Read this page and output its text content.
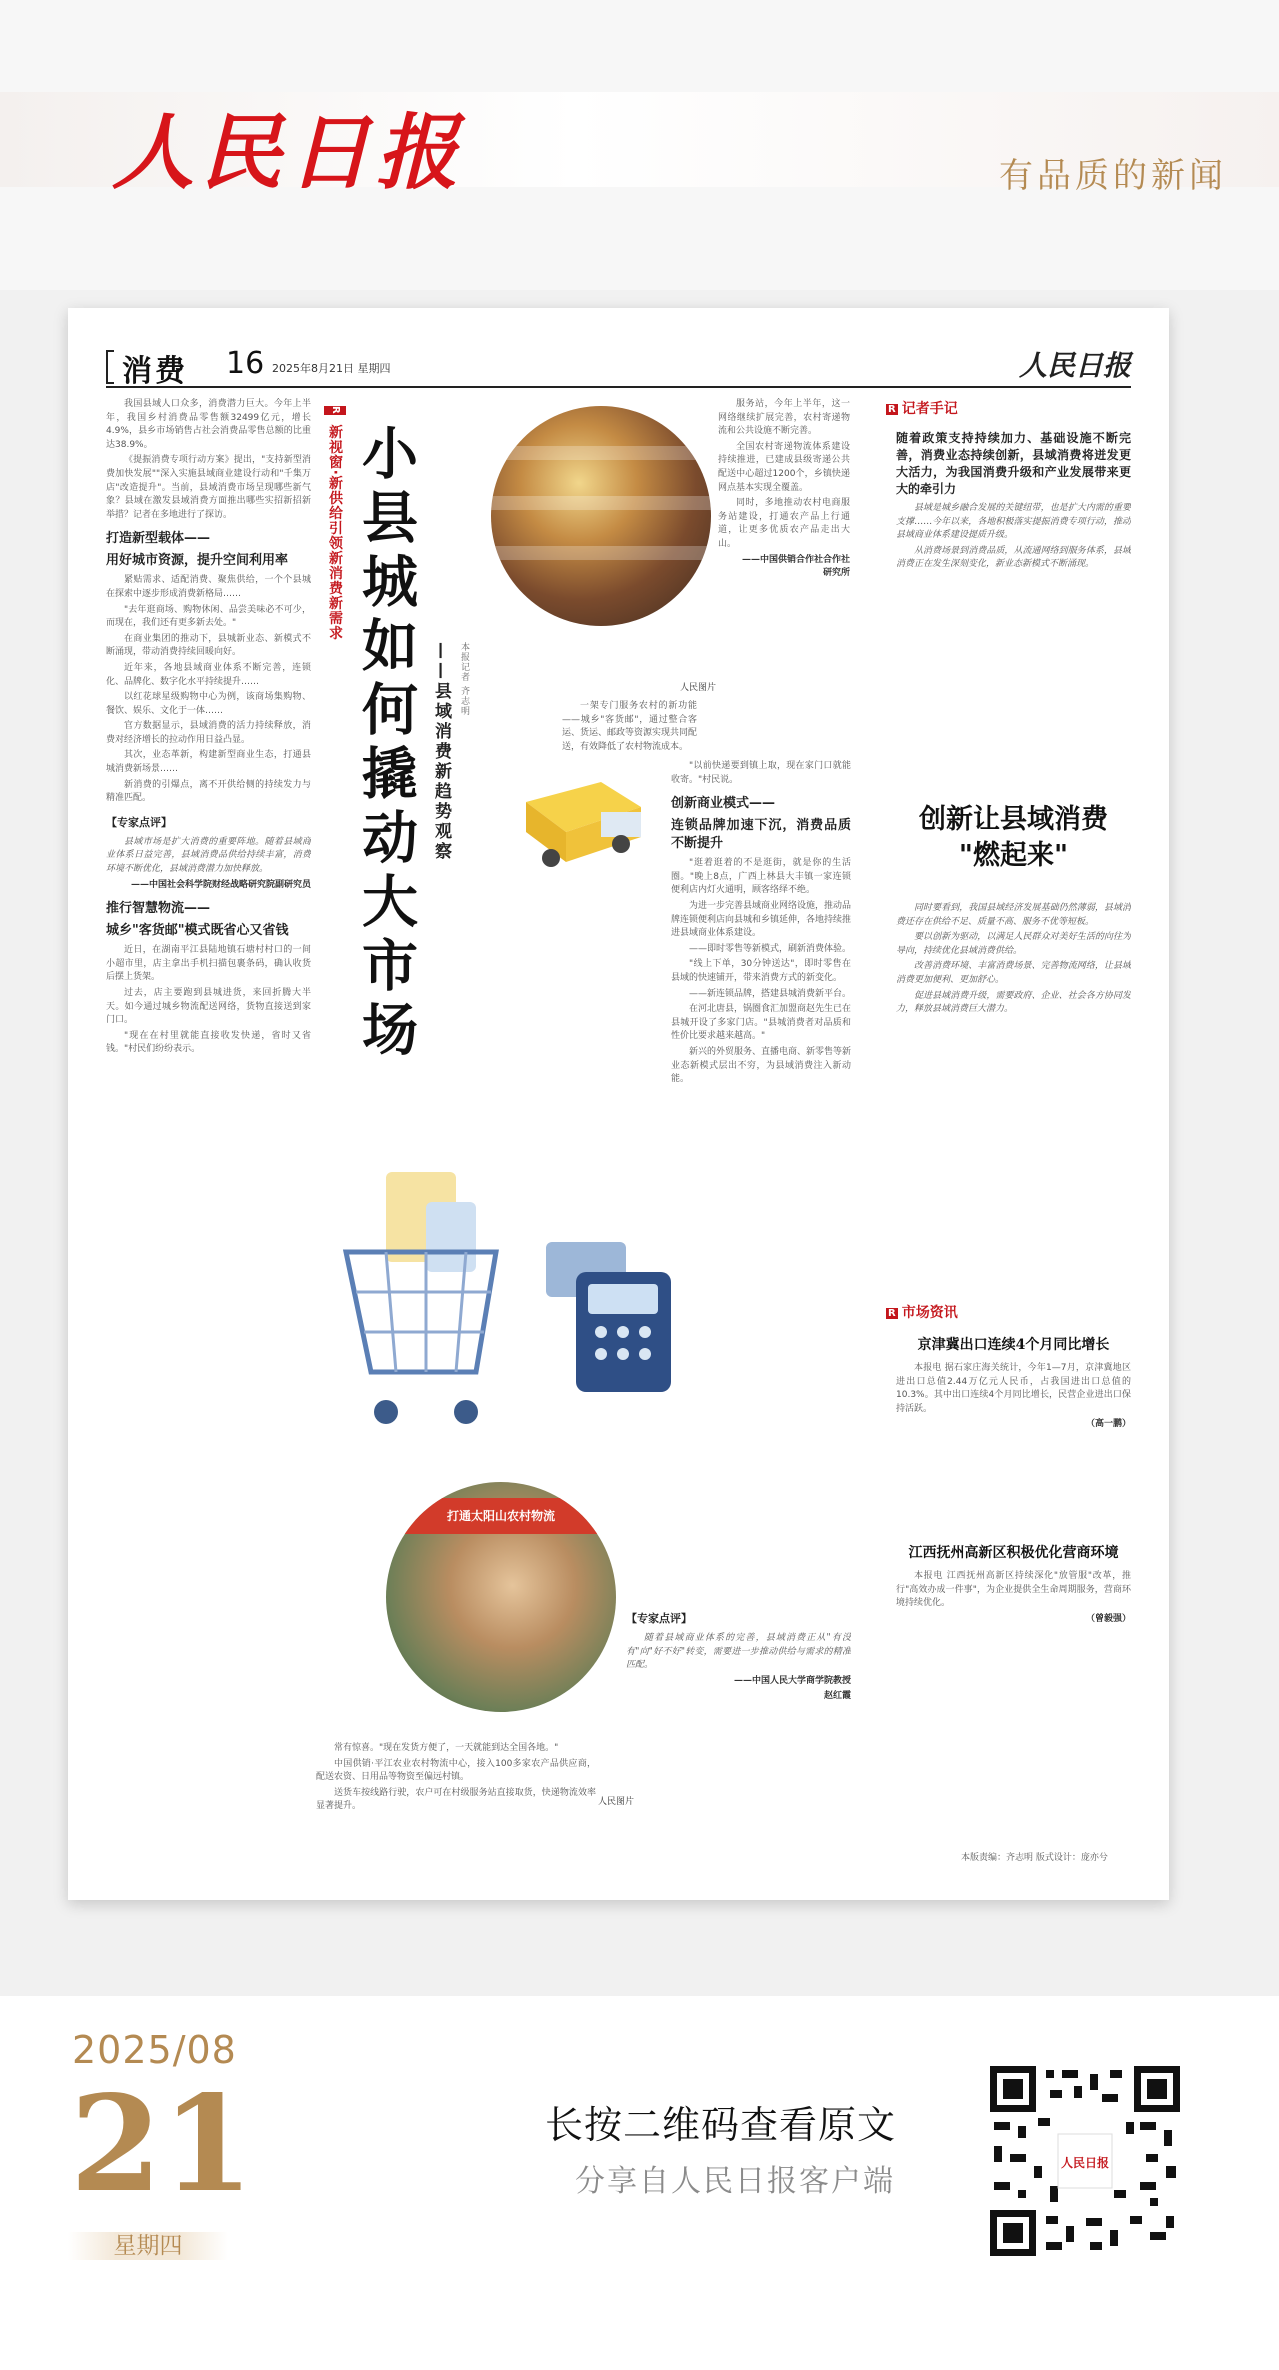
人民日报	有品质的新闻
消费 16 2025年8月21日 星期四	人民日报

我国县域人口众多，消费潜力巨大。今年上半年，我国乡村消费品零售额32499亿元，增长4.9%，县乡市场销售占社会消费品零售总额的比重达38.9%。

《提振消费专项行动方案》提出，"支持新型消费加快发展""深入实施县域商业建设行动和"千集万店"改造提升"。当前，县域消费市场呈现哪些新气象？县域在激发县域消费方面推出哪些实招新招新举措？记者在多地进行了探访。

打造新型载体——
用好城市资源，提升空间利用率

紧贴需求、适配消费、聚焦供给，一个个县城在探索中逐步形成消费新格局……

"去年逛商场、购物休闲、品尝美味必不可少，而现在，我们还有更多新去处。"

在商业集团的推动下，县城新业态、新模式不断涌现，带动消费持续回暖向好。

近年来，各地县域商业体系不断完善，连锁化、品牌化、数字化水平持续提升……

以红花球星级购物中心为例，该商场集购物、餐饮、娱乐、文化于一体……

官方数据显示，县域消费的活力持续释放，消费对经济增长的拉动作用日益凸显。

其次，业态革新，构建新型商业生态，打通县城消费新场景……

新消费的引爆点，离不开供给侧的持续发力与精准匹配。

【专家点评】

县域市场是扩大消费的重要阵地。随着县域商业体系日益完善，县域消费品供给持续丰富，消费环境不断优化，县域消费潜力加快释放。

——中国社会科学院财经战略研究院副研究员

推行智慧物流——
城乡"客货邮"模式既省心又省钱

近日，在湖南平江县陆地镇石塘村村口的一间小超市里，店主拿出手机扫描包裹条码，确认收货后摆上货架。

过去，店主要跑到县城进货，来回折腾大半天。如今通过城乡物流配送网络，货物直接送到家门口。

"现在在村里就能直接收发快递，省时又省钱。"村民们纷纷表示。

R 新视窗·新供给引领新消费新需求 小县城如何撬动大市场 ——县域消费新趋势观察 本报记者 齐志明	人民图片

服务站，今年上半年，这一网络继续扩展完善，农村寄递物流和公共设施不断完善。

全国农村寄递物流体系建设持续推进，已建成县级寄递公共配送中心超过1200个，乡镇快递网点基本实现全覆盖。

同时，多地推动农村电商服务站建设，打通农产品上行通道，让更多优质农产品走出大山。

——中国供销合作社合作社研究所

一架专门服务农村的新功能——城乡"客货邮"，通过整合客运、货运、邮政等资源实现共同配送，有效降低了农村物流成本。

"以前快递要到镇上取，现在家门口就能收寄。"村民说。

创新商业模式——
连锁品牌加速下沉，消费品质不断提升

"逛着逛着的不是逛街，就是你的生活圈。"晚上8点，广西上林县大丰镇一家连锁便利店内灯火通明，顾客络绎不绝。

为进一步完善县域商业网络设施，推动品牌连锁便利店向县城和乡镇延伸，各地持续推进县域商业体系建设。

——即时零售等新模式，刷新消费体验。

"线上下单，30分钟送达"，即时零售在县域的快速铺开，带来消费方式的新变化。

——新连锁品牌，搭建县城消费新平台。

在河北唐县，锅圈食汇加盟商赵先生已在县城开设了多家门店。"县城消费者对品质和性价比要求越来越高。"

新兴的外贸服务、直播电商、新零售等新业态新模式层出不穷，为县域消费注入新动能。

打通太阳山农村物流
人民图片

常有惊喜。"现在发货方便了，一天就能到达全国各地。"

中国供销·平江农业农村物流中心，接入100多家农产品供应商，配送农资、日用品等物资至偏远村镇。

送货车按线路行驶，农户可在村级服务站直接取货，快递物流效率显著提升。

【专家点评】

随着县域商业体系的完善，县域消费正从"有没有"向"好不好"转变，需要进一步推动供给与需求的精准匹配。

——中国人民大学商学院教授

赵红霞

R 记者手记

随着政策支持持续加力、基础设施不断完善，消费业态持续创新，县域消费将迸发更大活力，为我国消费升级和产业发展带来更大的牵引力

县域是城乡融合发展的关键纽带，也是扩大内需的重要支撑……今年以来，各地积极落实提振消费专项行动，推动县域商业体系建设提质升级。

从消费场景到消费品质，从流通网络到服务体系，县域消费正在发生深刻变化，新业态新模式不断涌现。

创新让县域消费
"燃起来"

同时要看到，我国县域经济发展基础仍然薄弱，县域消费还存在供给不足、质量不高、服务不优等短板。

要以创新为驱动，以满足人民群众对美好生活的向往为导向，持续优化县域消费供给。

改善消费环境、丰富消费场景、完善物流网络，让县域消费更加便利、更加舒心。

促进县域消费升级，需要政府、企业、社会各方协同发力，释放县域消费巨大潜力。

R 市场资讯
京津冀出口连续4个月同比增长

本报电 据石家庄海关统计，今年1—7月，京津冀地区进出口总值2.44万亿元人民币，占我国进出口总值的10.3%。其中出口连续4个月同比增长，民营企业进出口保持活跃。

（高一鹏）

江西抚州高新区积极优化营商环境

本报电 江西抚州高新区持续深化"放管服"改革，推行"高效办成一件事"，为企业提供全生命周期服务，营商环境持续优化。

（曾毅强）

本版责编：齐志明 版式设计：庞亦兮
2025/08
21
星期四
长按二维码查看原文
分享自人民日报客户端
人民日报
